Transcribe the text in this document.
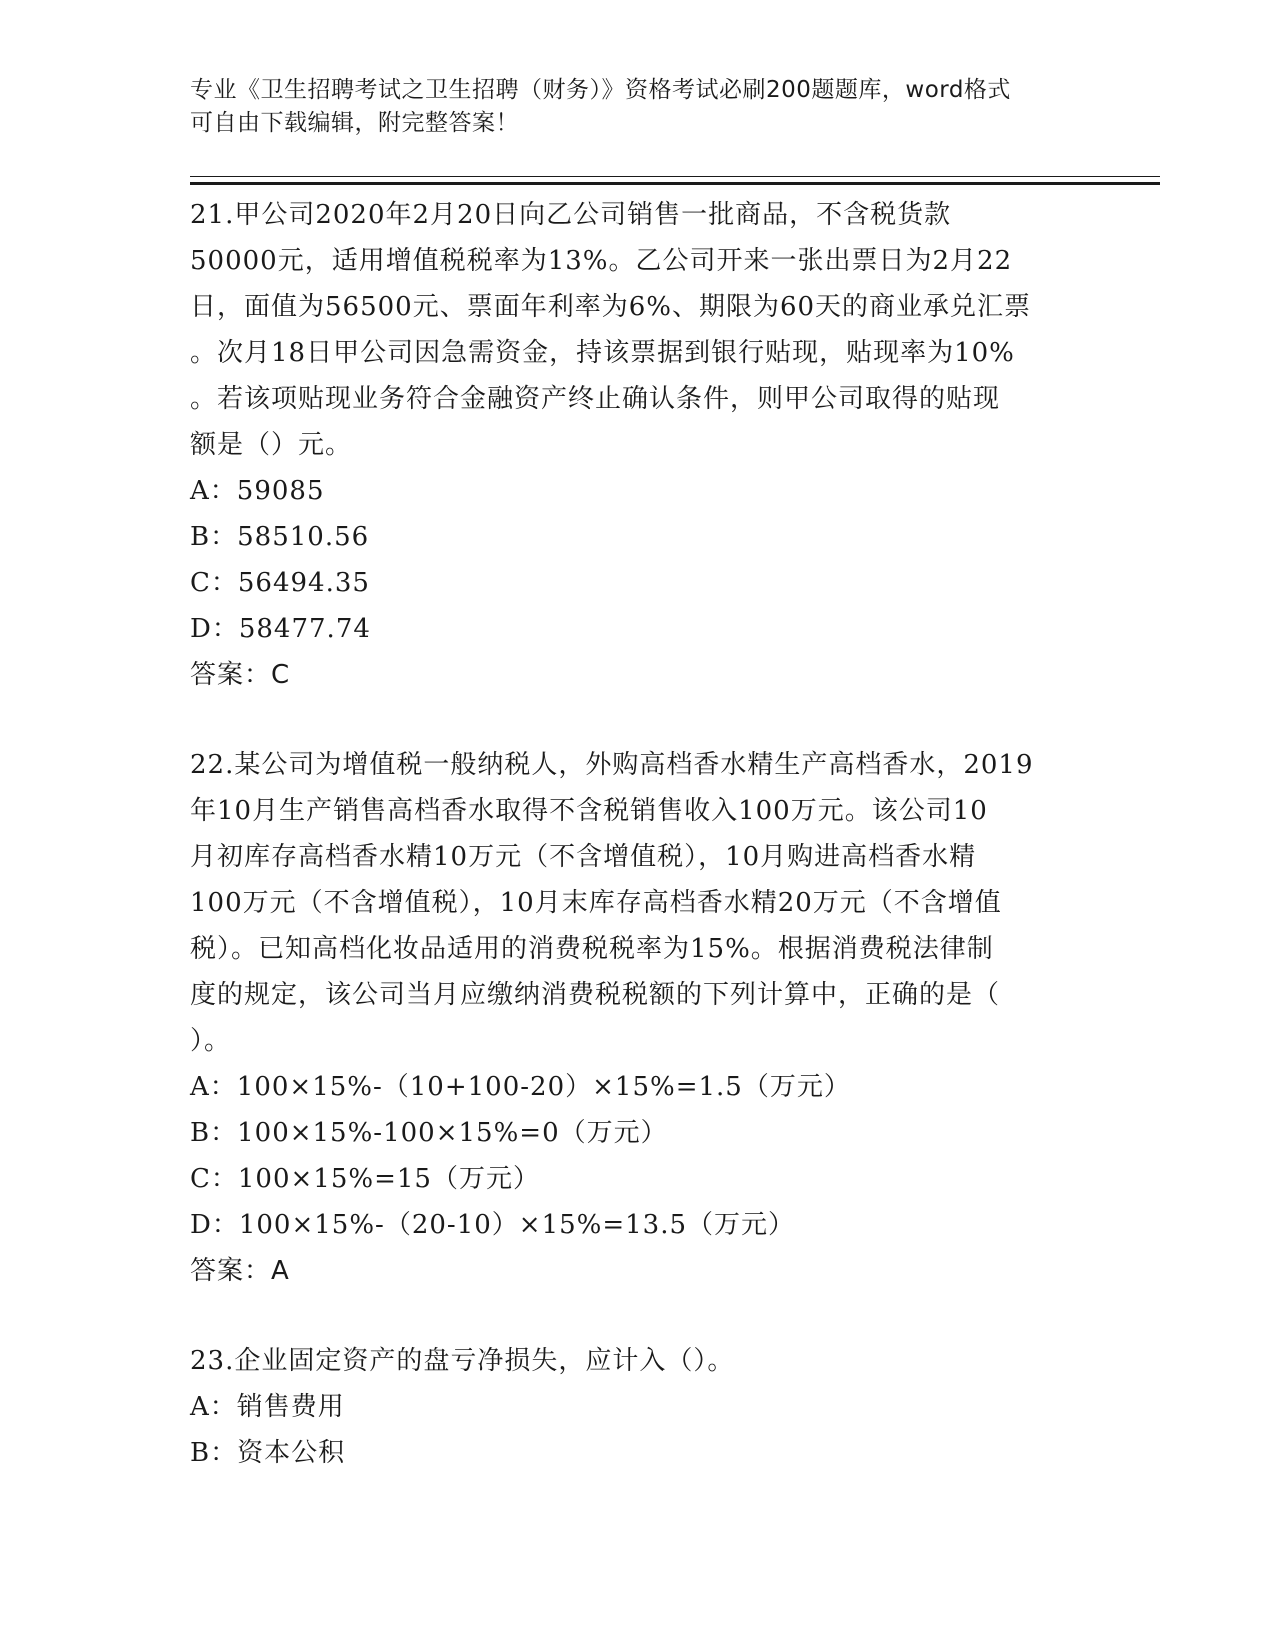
专业《卫生招聘考试之卫生招聘（财务）》资格考试必刷200题题库，word格式
可自由下载编辑，附完整答案！
21.甲公司2020年2月20日向乙公司销售一批商品，不含税货款
50000元，适用增值税税率为13%。乙公司开来一张出票日为2月22
日，面值为56500元、票面年利率为6%、期限为60天的商业承兑汇票
。次月18日甲公司因急需资金，持该票据到银行贴现，贴现率为10%
。若该项贴现业务符合金融资产终止确认条件，则甲公司取得的贴现
额是（）元。
A：59085
B：58510.56
C：56494.35
D：58477.74
答案：C
22.某公司为增值税一般纳税人，外购高档香水精生产高档香水，2019
年10月生产销售高档香水取得不含税销售收入100万元。该公司10
月初库存高档香水精10万元（不含增值税），10月购进高档香水精
100万元（不含增值税），10月末库存高档香水精20万元（不含增值
税）。已知高档化妆品适用的消费税税率为15%。根据消费税法律制
度的规定，该公司当月应缴纳消费税税额的下列计算中，正确的是（
）。
A：100×15%-（10+100-20）×15%=1.5（万元）
B：100×15%-100×15%=0（万元）
C：100×15%=15（万元）
D：100×15%-（20-10）×15%=13.5（万元）
答案：A
23.企业固定资产的盘亏净损失，应计入（）。
A：销售费用
B：资本公积
